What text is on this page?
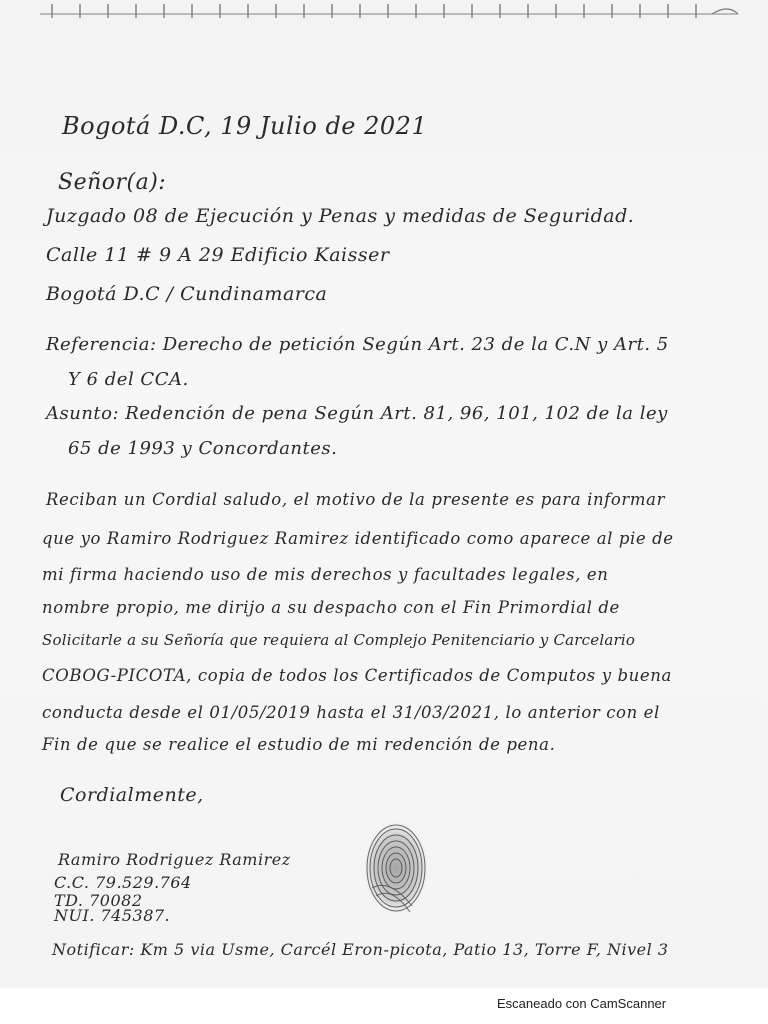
Bogotá D.C, 19 Julio de 2021
Señor(a):
Juzgado 08 de Ejecución y Penas y medidas de Seguridad.
Calle 11 # 9 A 29 Edificio Kaisser
Bogotá D.C / Cundinamarca
Referencia: Derecho de petición Según Art. 23 de la C.N y Art. 5
Y 6 del CCA.
Asunto: Redención de pena Según Art. 81, 96, 101, 102 de la ley
65 de 1993 y Concordantes.
Reciban un Cordial saludo, el motivo de la presente es para informar
que yo Ramiro Rodriguez Ramirez identificado como aparece al pie de
mi firma haciendo uso de mis derechos y facultades legales, en
nombre propio, me dirijo a su despacho con el Fin Primordial de
Solicitarle a su Señoría que requiera al Complejo Penitenciario y Carcelario
COBOG-PICOTA, copia de todos los Certificados de Computos y buena
conducta desde el 01/05/2019 hasta el 31/03/2021, lo anterior con el
Fin de que se realice el estudio de mi redención de pena.
Cordialmente,
Ramiro Rodriguez Ramirez
C.C. 79.529.764
TD. 70082
NUI. 745387.
Notificar: Km 5 via Usme, Carcél Eron-picota, Patio 13, Torre F, Nivel 3
Escaneado con CamScanner
